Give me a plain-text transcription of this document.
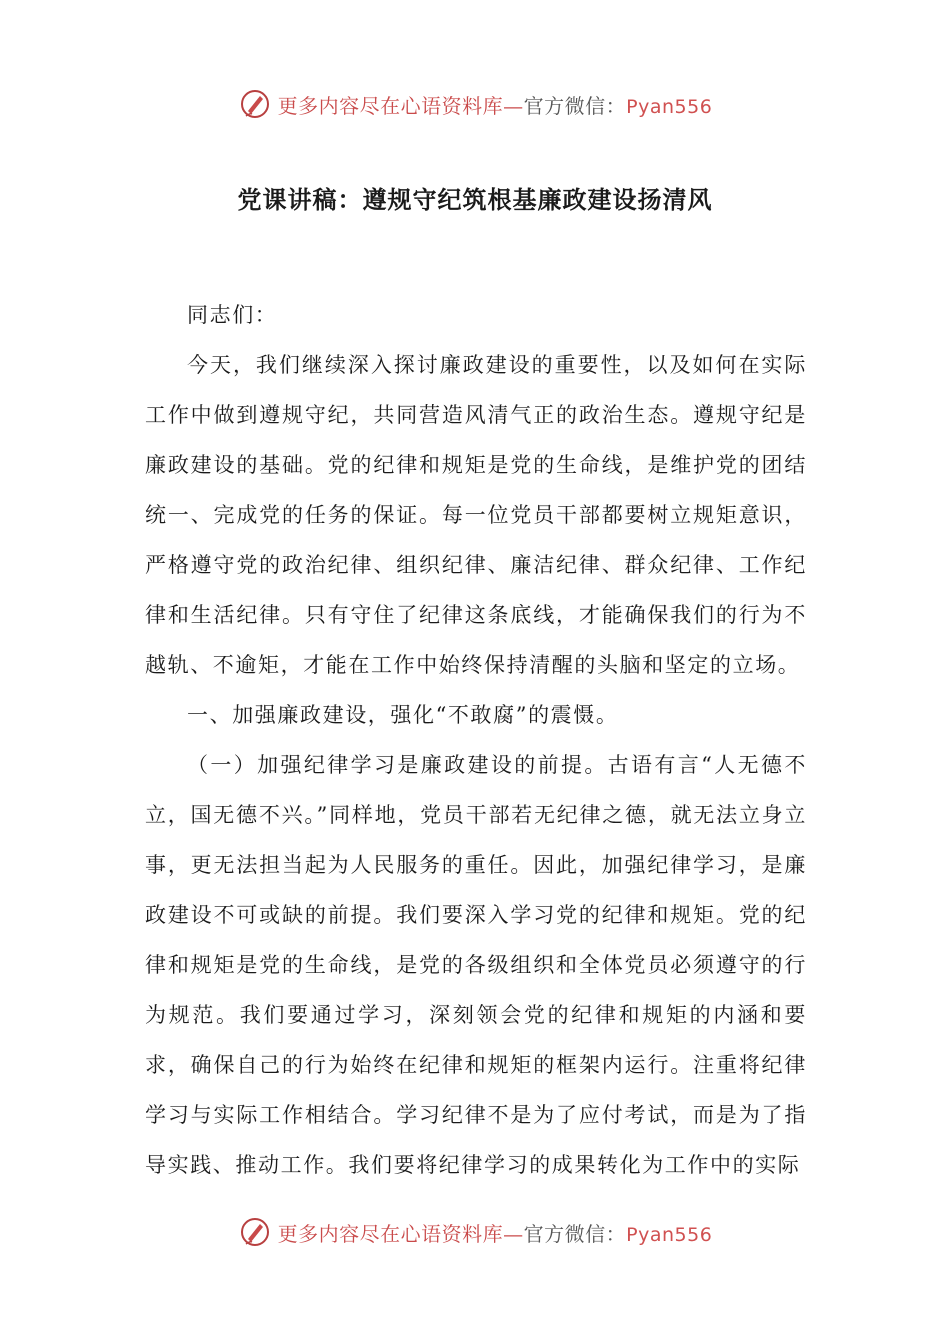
更多内容尽在心语资料库—官方微信：Pyan556
党课讲稿：遵规守纪筑根基廉政建设扬清风

同志们：

今天，我们继续深入探讨廉政建设的重要性，以及如何在实际工作中做到遵规守纪，共同营造风清气正的政治生态。遵规守纪是廉政建设的基础。党的纪律和规矩是党的生命线，是维护党的团结统一、完成党的任务的保证。每一位党员干部都要树立规矩意识，严格遵守党的政治纪律、组织纪律、廉洁纪律、群众纪律、工作纪律和生活纪律。只有守住了纪律这条底线，才能确保我们的行为不越轨、不逾矩，才能在工作中始终保持清醒的头脑和坚定的立场。

一、加强廉政建设，强化“不敢腐”的震慑。

（一）加强纪律学习是廉政建设的前提。古语有言“人无德不立，国无德不兴。”同样地，党员干部若无纪律之德，就无法立身立事，更无法担当起为人民服务的重任。因此，加强纪律学习，是廉政建设不可或缺的前提。我们要深入学习党的纪律和规矩。党的纪律和规矩是党的生命线，是党的各级组织和全体党员必须遵守的行为规范。我们要通过学习，深刻领会党的纪律和规矩的内涵和要求，确保自己的行为始终在纪律和规矩的框架内运行。注重将纪律学习与实际工作相结合。学习纪律不是为了应付考试，而是为了指导实践、推动工作。我们要将纪律学习的成果转化为工作中的实际

更多内容尽在心语资料库—官方微信：Pyan556
